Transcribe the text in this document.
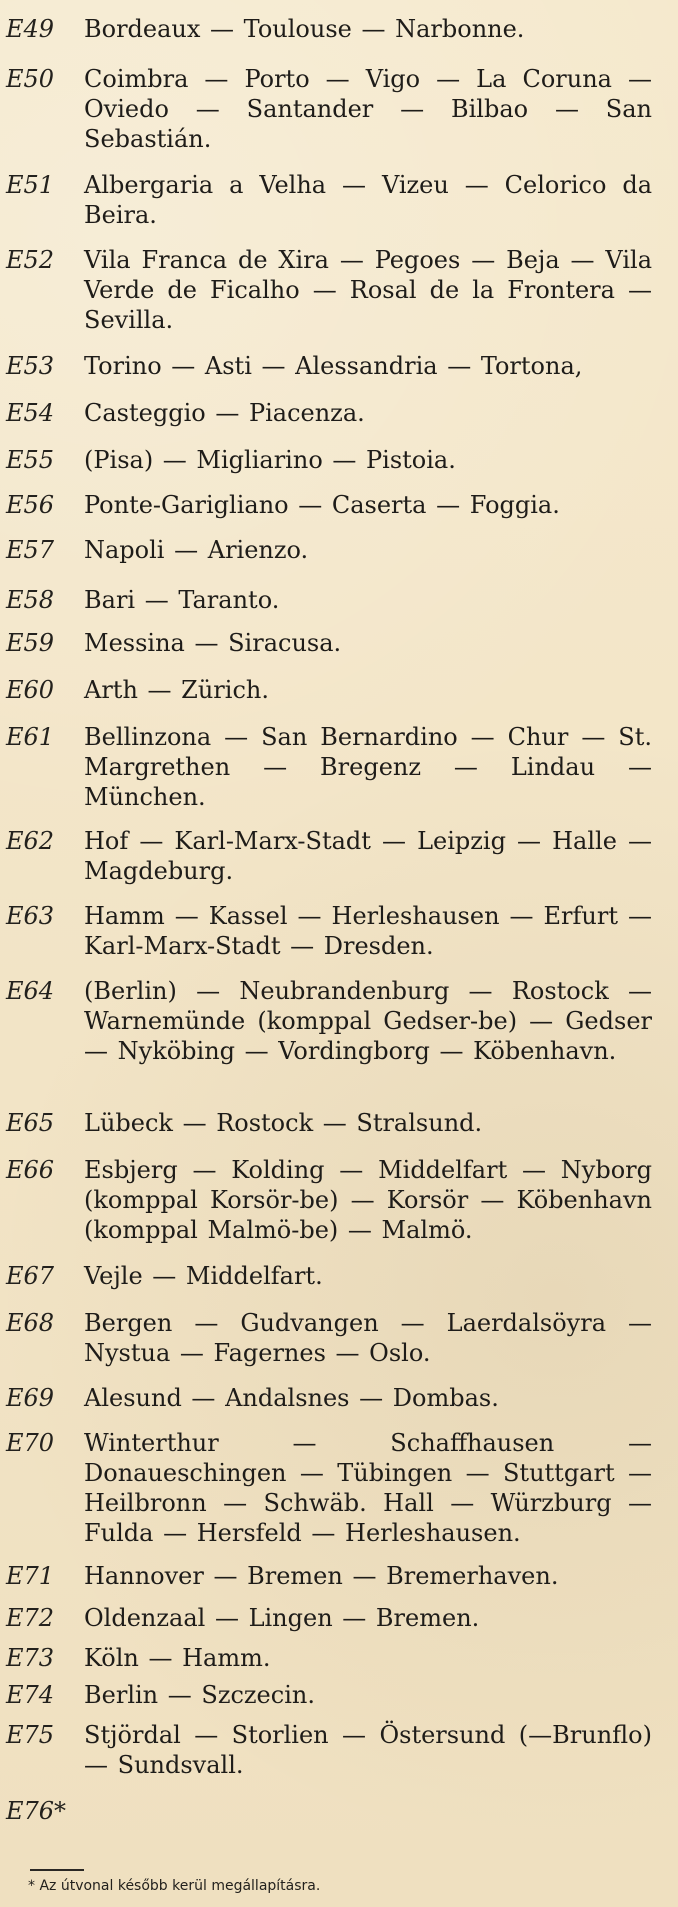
E49	Bordeaux — Toulouse — Narbonne.
E50	Coimbra — Porto — Vigo — La Coruna — Oviedo — Santander — Bilbao — San Sebastián.
E51	Albergaria a Velha — Vizeu — Celorico da Beira.
E52	Vila Franca de Xira — Pegoes — Beja — Vila Verde de Ficalho — Rosal de la Frontera — Sevilla.
E53	Torino — Asti — Alessandria — Tortona,
E54	Casteggio — Piacenza.
E55	(Pisa) — Migliarino — Pistoia.
E56	Ponte-Garigliano — Caserta — Foggia.
E57	Napoli — Arienzo.
E58	Bari — Taranto.
E59	Messina — Siracusa.
E60	Arth — Zürich.
E61	Bellinzona — San Bernardino — Chur — St. Margrethen — Bregenz — Lindau — München.
E62	Hof — Karl-Marx-Stadt — Leipzig — Halle — Magdeburg.
E63	Hamm — Kassel — Herleshausen — Erfurt — Karl-Marx-Stadt — Dresden.
E64	(Berlin) — Neubrandenburg — Rostock — Warnemünde (komppal Gedser-be) — Gedser — Nyköbing — Vordingborg — Köbenhavn.
E65	Lübeck — Rostock — Stralsund.
E66	Esbjerg — Kolding — Middelfart — Nyborg (komppal Korsör-be) — Korsör — Köbenhavn (komppal Malmö-be) — Malmö.
E67	Vejle — Middelfart.
E68	Bergen — Gudvangen — Laerdalsöyra — Nystua — Fagernes — Oslo.
E69	Alesund — Andalsnes — Dombas.
E70	Winterthur — Schaffhausen — Donaueschingen — Tübingen — Stuttgart — Heilbronn — Schwäb. Hall — Würzburg — Fulda — Hersfeld — Herleshausen.
E71	Hannover — Bremen — Bremerhaven.
E72	Oldenzaal — Lingen — Bremen.
E73	Köln — Hamm.
E74	Berlin — Szczecin.
E75	Stjördal — Storlien — Östersund (—Brunflo) — Sundsvall.
E76*
* Az útvonal később kerül megállapításra.
